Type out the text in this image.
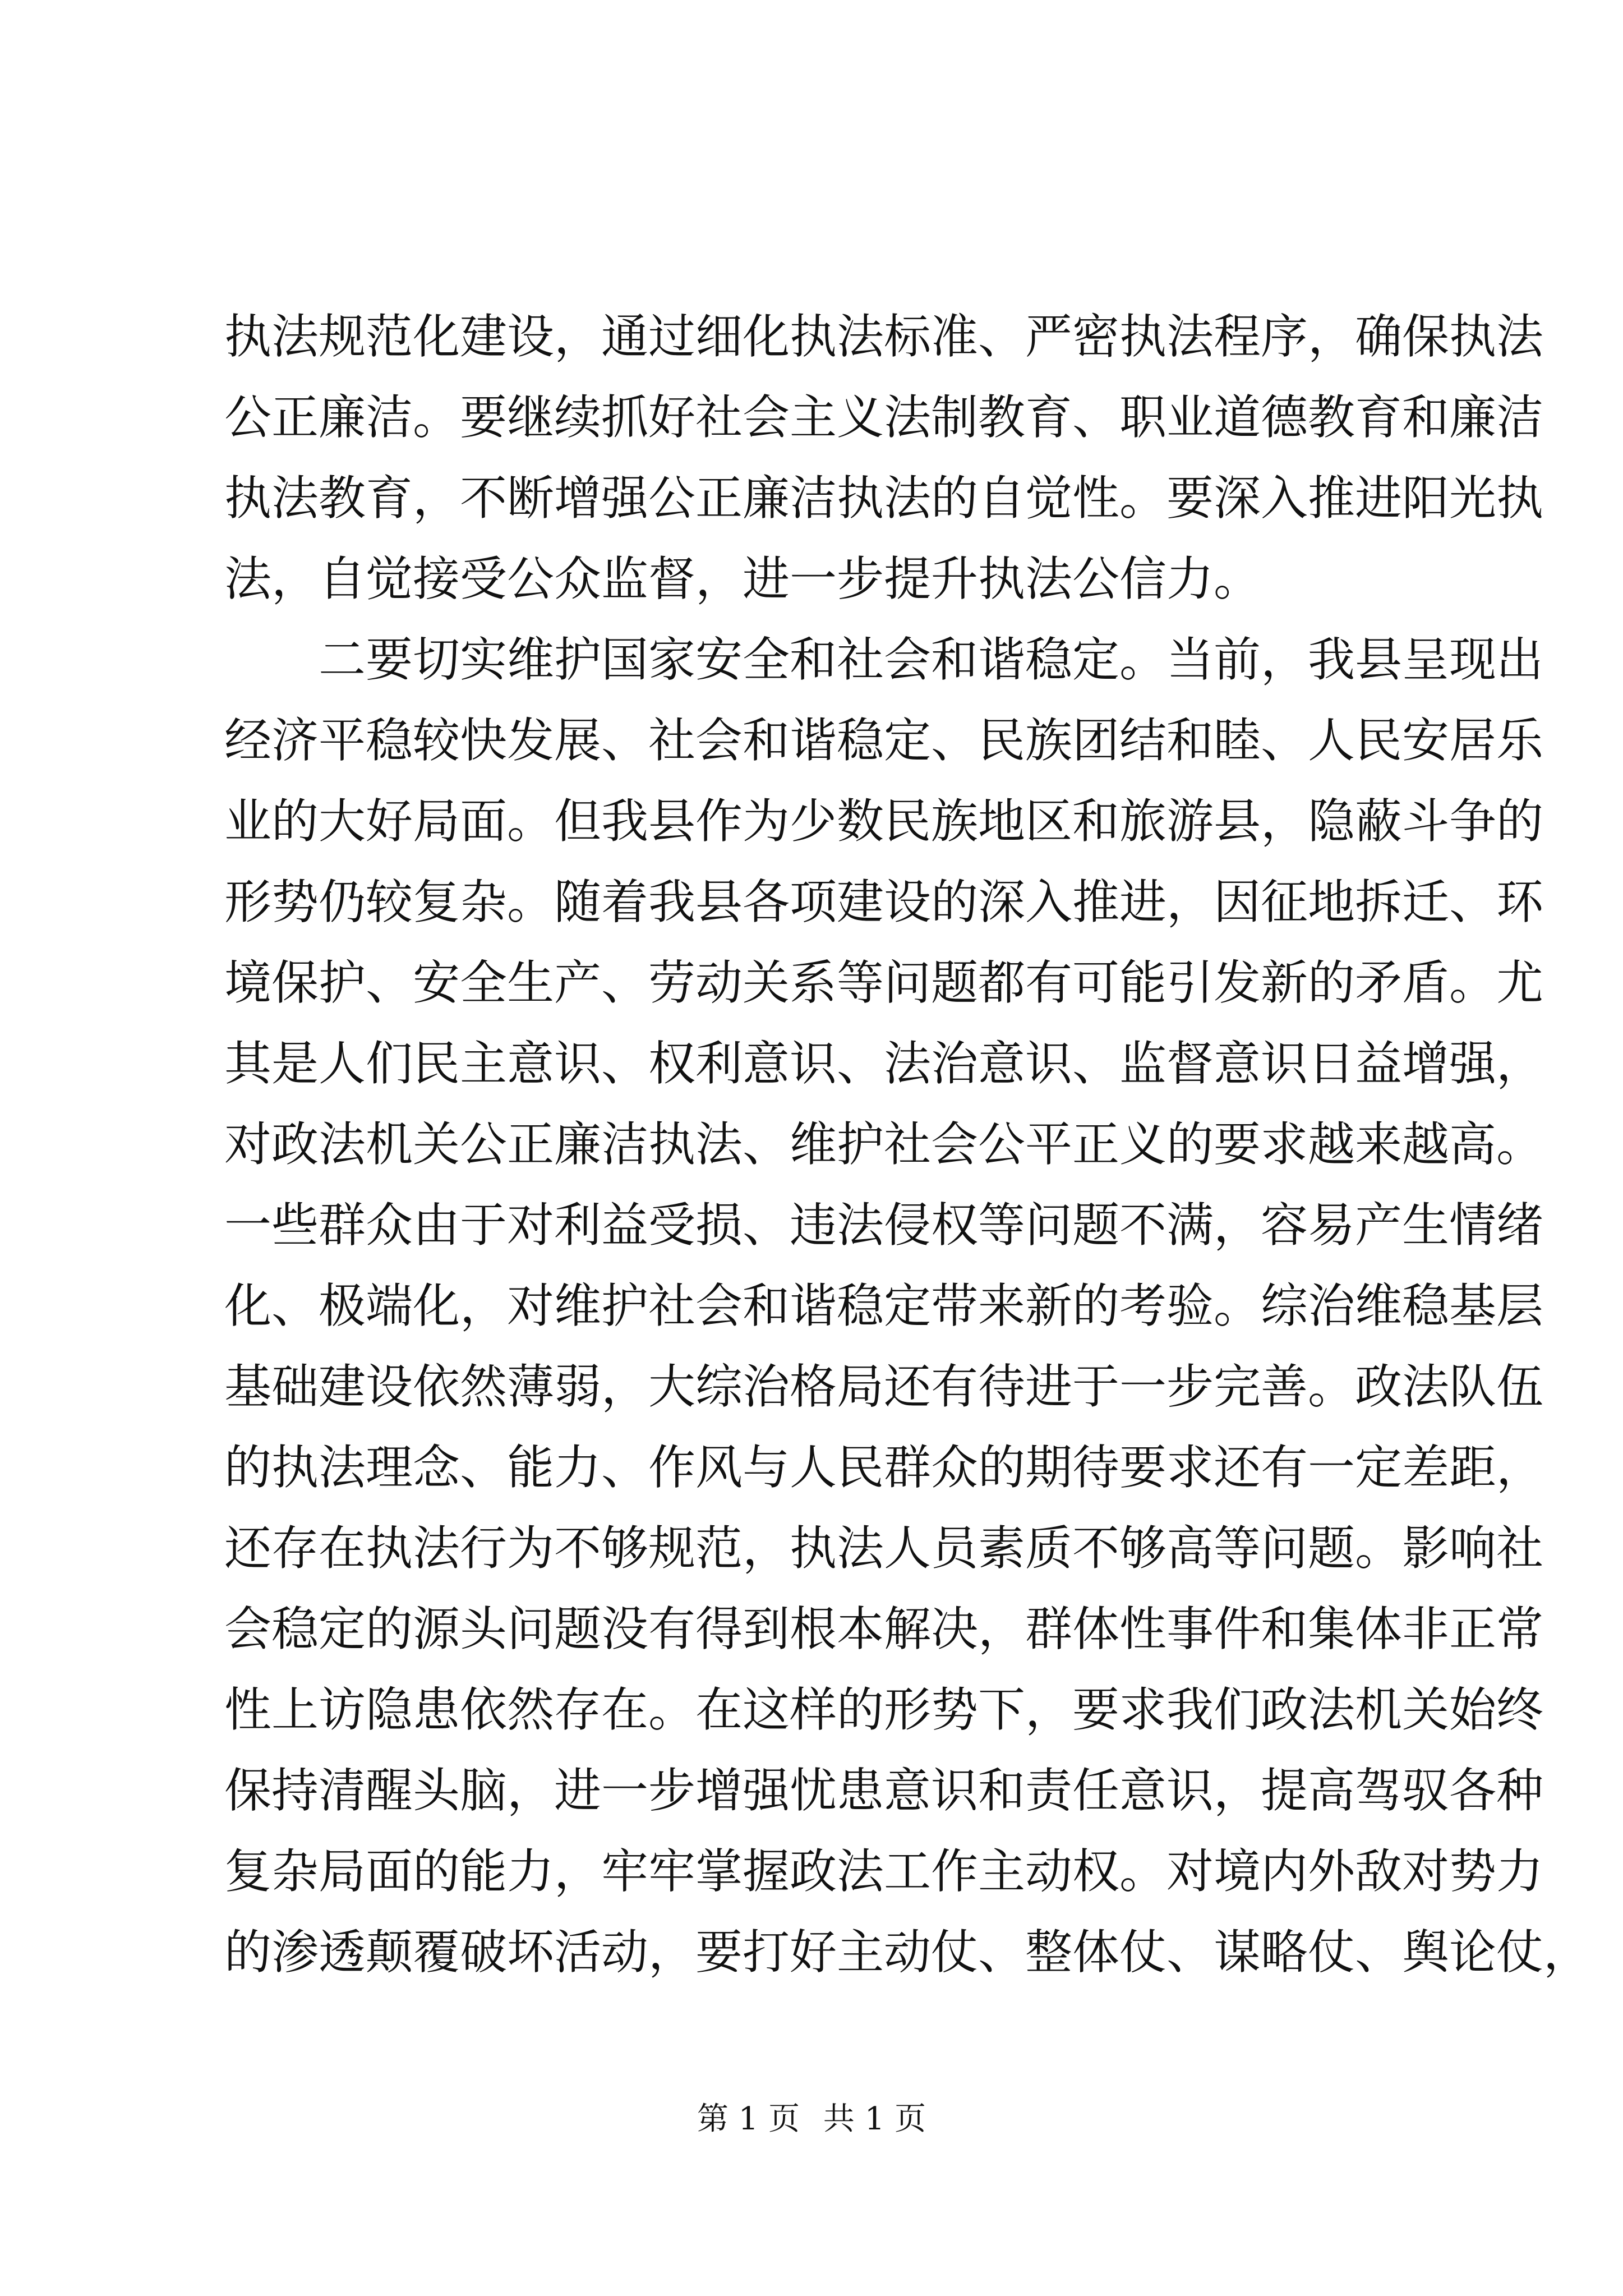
执法规范化建设，通过细化执法标准、严密执法程序，确保执法
公正廉洁。要继续抓好社会主义法制教育、职业道德教育和廉洁
执法教育，不断增强公正廉洁执法的自觉性。要深入推进阳光执
法，自觉接受公众监督，进一步提升执法公信力。
二要切实维护国家安全和社会和谐稳定。当前，我县呈现出
经济平稳较快发展、社会和谐稳定、民族团结和睦、人民安居乐
业的大好局面。但我县作为少数民族地区和旅游县，隐蔽斗争的
形势仍较复杂。随着我县各项建设的深入推进，因征地拆迁、环
境保护、安全生产、劳动关系等问题都有可能引发新的矛盾。尤
其是人们民主意识、权利意识、法治意识、监督意识日益增强，
对政法机关公正廉洁执法、维护社会公平正义的要求越来越高。
一些群众由于对利益受损、违法侵权等问题不满，容易产生情绪
化、极端化，对维护社会和谐稳定带来新的考验。综治维稳基层
基础建设依然薄弱，大综治格局还有待进于一步完善。政法队伍
的执法理念、能力、作风与人民群众的期待要求还有一定差距，
还存在执法行为不够规范，执法人员素质不够高等问题。影响社
会稳定的源头问题没有得到根本解决，群体性事件和集体非正常
性上访隐患依然存在。在这样的形势下，要求我们政法机关始终
保持清醒头脑，进一步增强忧患意识和责任意识，提高驾驭各种
复杂局面的能力，牢牢掌握政法工作主动权。对境内外敌对势力
的渗透颠覆破坏活动，要打好主动仗、整体仗、谋略仗、舆论仗，
第 1 页 共 1 页
